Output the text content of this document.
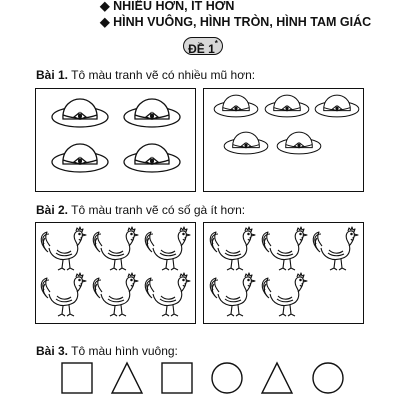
◆ NHIỀU HƠN, ÍT HƠN
◆ HÌNH VUÔNG, HÌNH TRÒN, HÌNH TAM GIÁC
ĐỀ 1*
Bài 1. Tô màu tranh vẽ có nhiều mũ hơn:
Bài 2. Tô màu tranh vẽ có số gà ít hơn:
Bài 3. Tô màu hình vuông:
